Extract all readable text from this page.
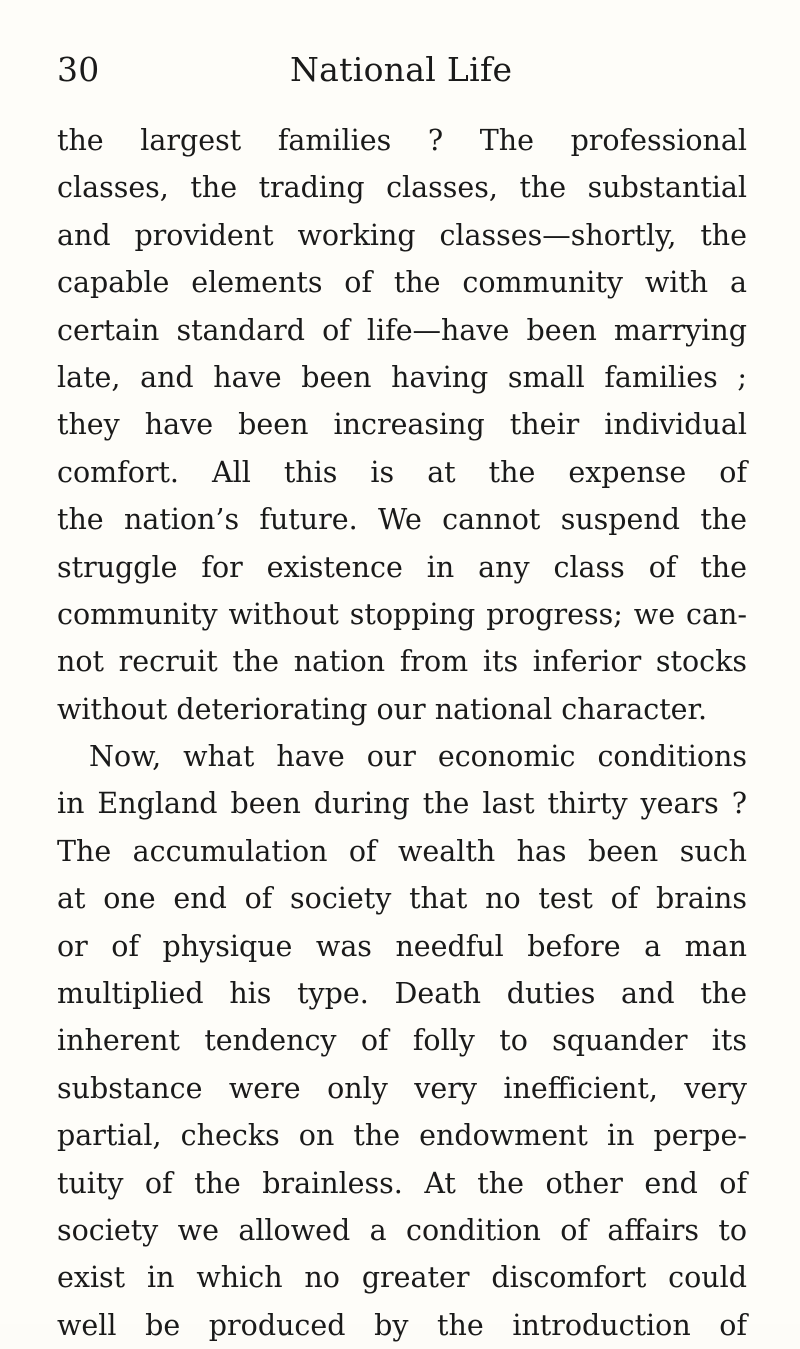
30	National Life
the largest families ? The professional
classes, the trading classes, the substantial
and provident working classes—shortly, the
capable elements of the community with a
certain standard of life—have been marrying
late, and have been having small families ;
they have been increasing their individual
comfort. All this is at the expense of
the nation’s future. We cannot suspend the
struggle for existence in any class of the
community without stopping progress; we can-
not recruit the nation from its inferior stocks
without deteriorating our national character.
Now, what have our economic conditions
in England been during the last thirty years ?
The accumulation of wealth has been such
at one end of society that no test of brains
or of physique was needful before a man
multiplied his type. Death duties and the
inherent tendency of folly to squander its
substance were only very inefficient, very
partial, checks on the endowment in perpe-
tuity of the brainless. At the other end of
society we allowed a condition of affairs to
exist in which no greater discomfort could
well be produced by the introduction of
